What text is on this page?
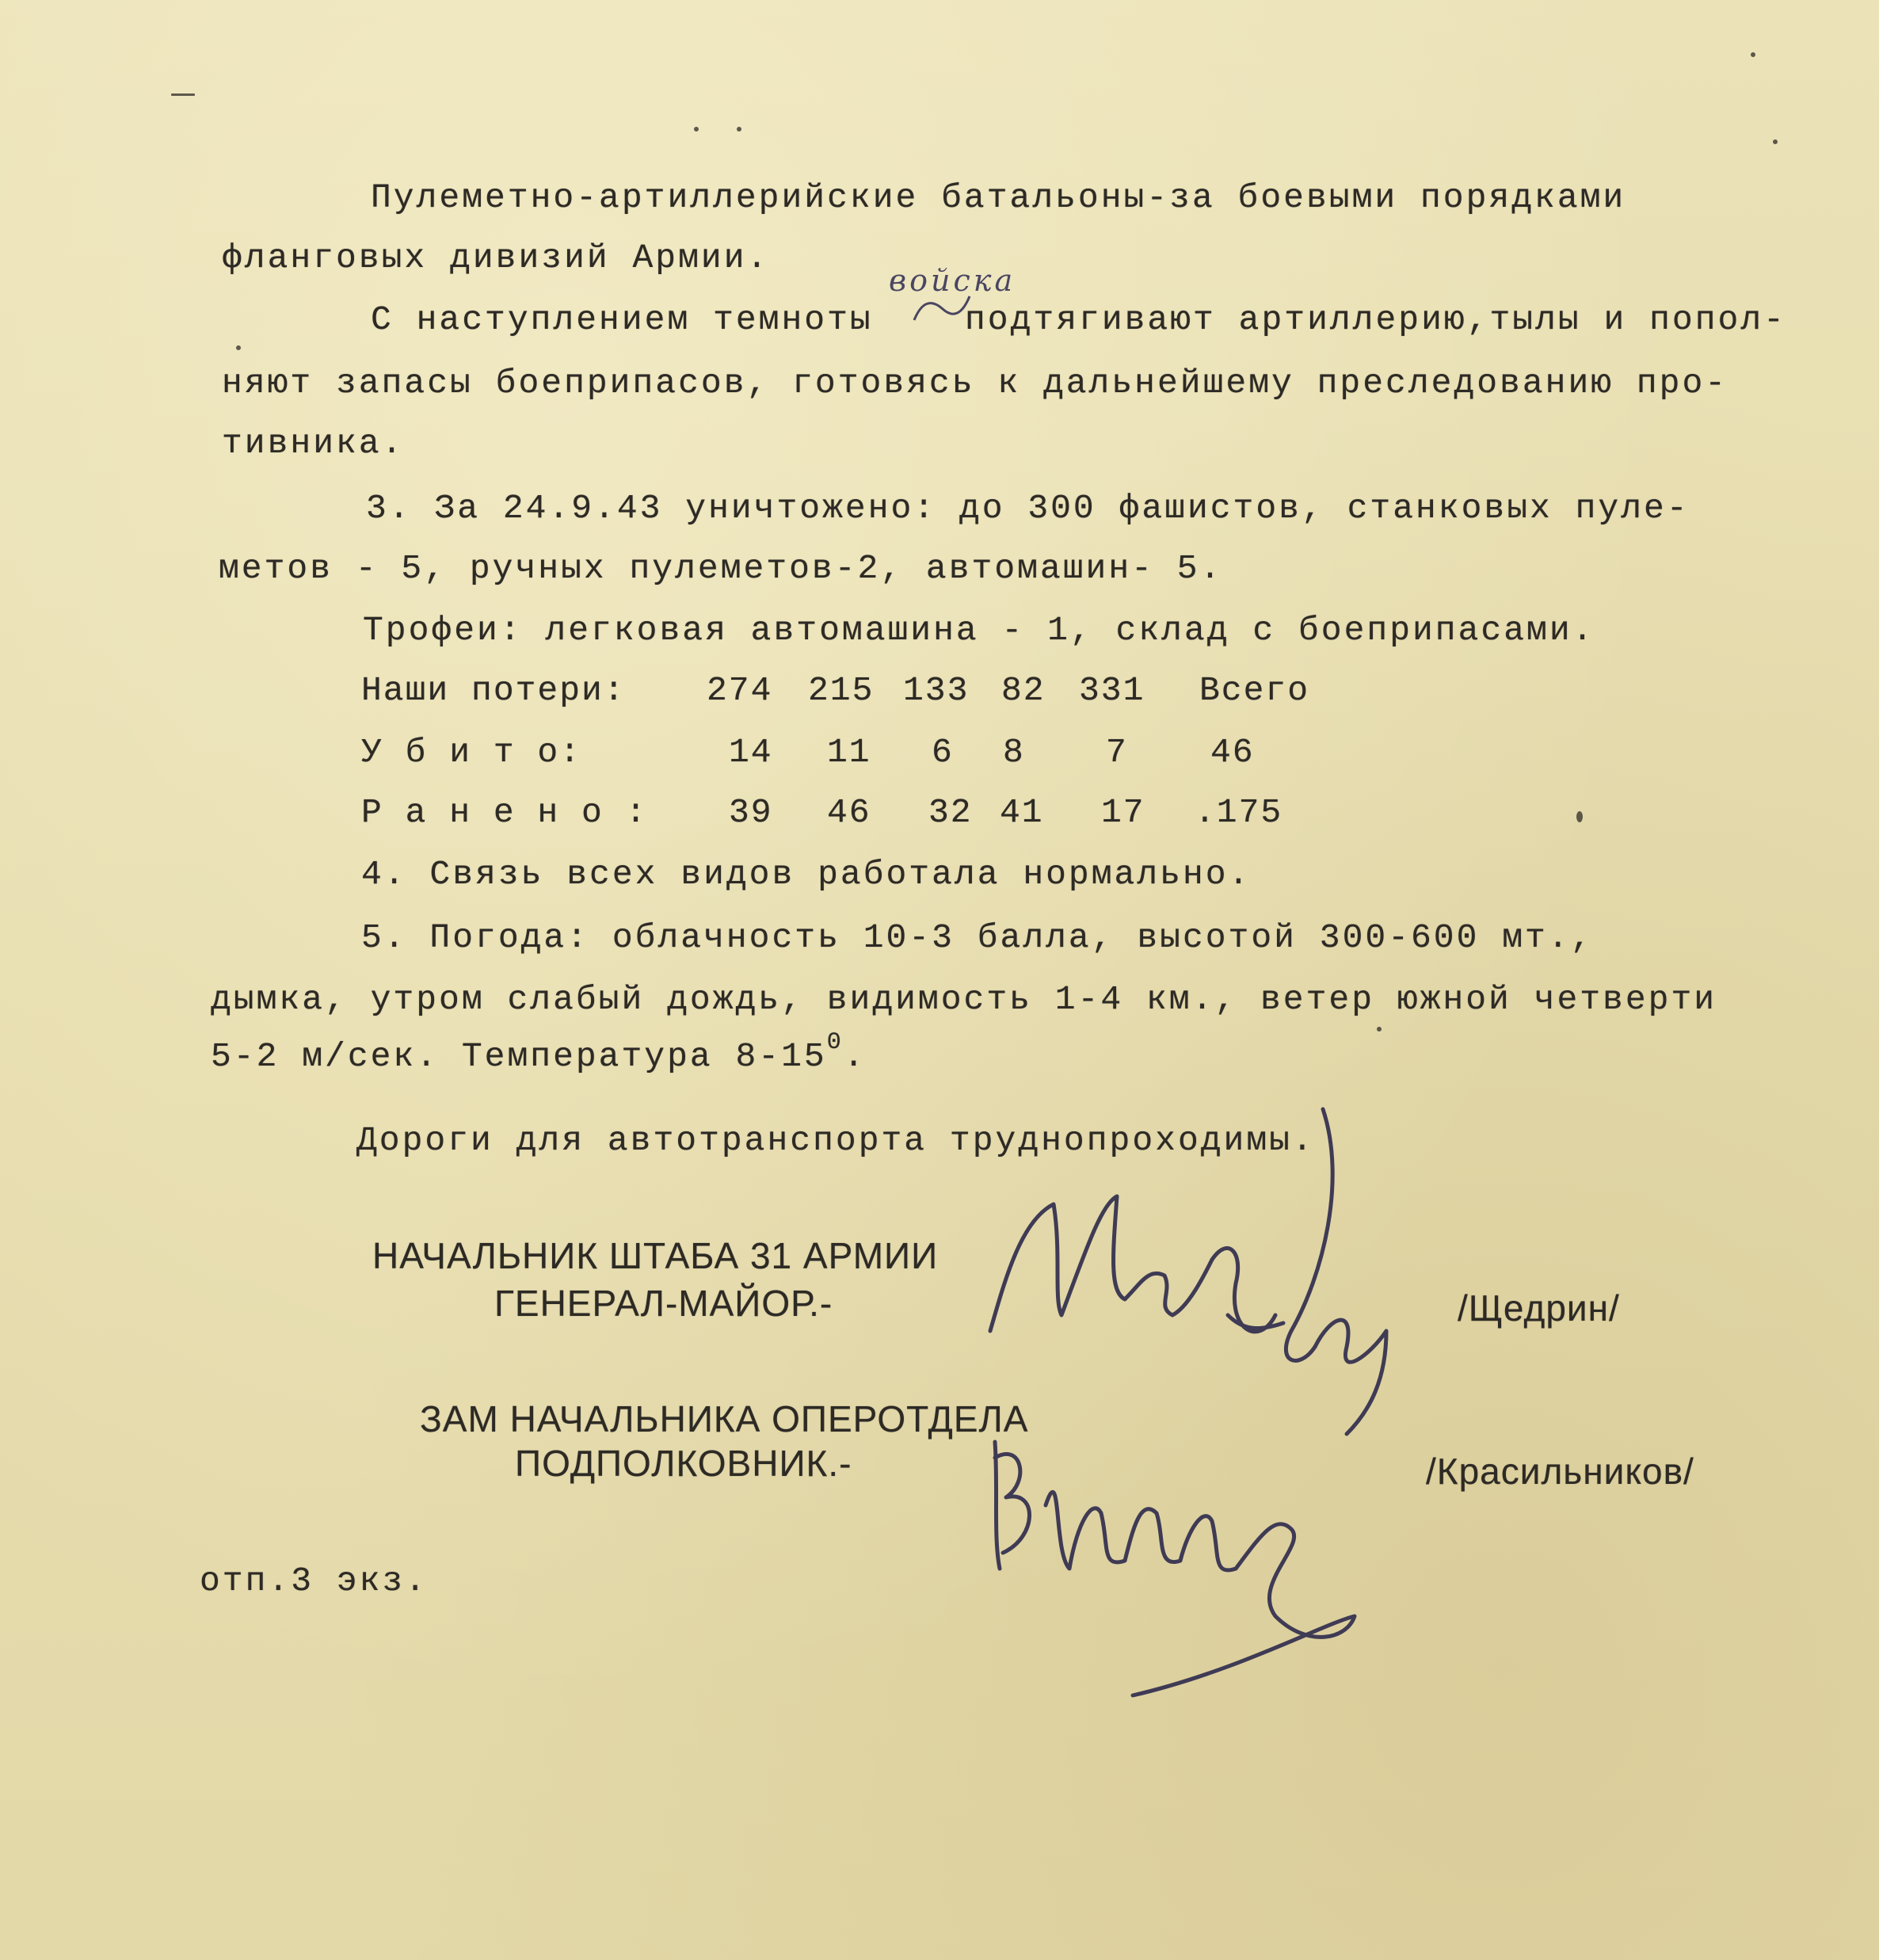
Пулеметно-артиллерийские батальоны-за боевыми порядками
фланговых дивизий Армии.
войска
С наступлением темноты	подтягивают артиллерию,тылы и попол-
няют запасы боеприпасов, готовясь к дальнейшему преследованию про-
тивника.
3. За 24.9.43 уничтожено: до 300 фашистов, станковых пуле-
метов - 5, ручных пулеметов-2, автомашин- 5.
Трофеи: легковая автомашина - 1, склад с боеприпасами.
Наши потери: 274 215 133 82 331 Всего
У б и т о:	14 11 6 8 7 46
Р а н е н о : 39 46 32 41 17 .175
4. Связь всех видов работала нормально.
5. Погода: облачность 10-3 балла, высотой 300-600 мт.,
дымка, утром слабый дождь, видимость 1-4 км., ветер южной четверти
5-2 м/сек. Температура $8-15^0$.
Дороги для автотранспорта труднопроходимы.
НАЧАЛЬНИК ШТАБА 31 АРМИИ
ГЕНЕРАЛ-МАЙОР.-	/Щедрин/
ЗАМ НАЧАЛЬНИКА ОПЕРОТДЕЛА
ПОДПОЛКОВНИК.-	/Красильников/
отп.3 экз.
